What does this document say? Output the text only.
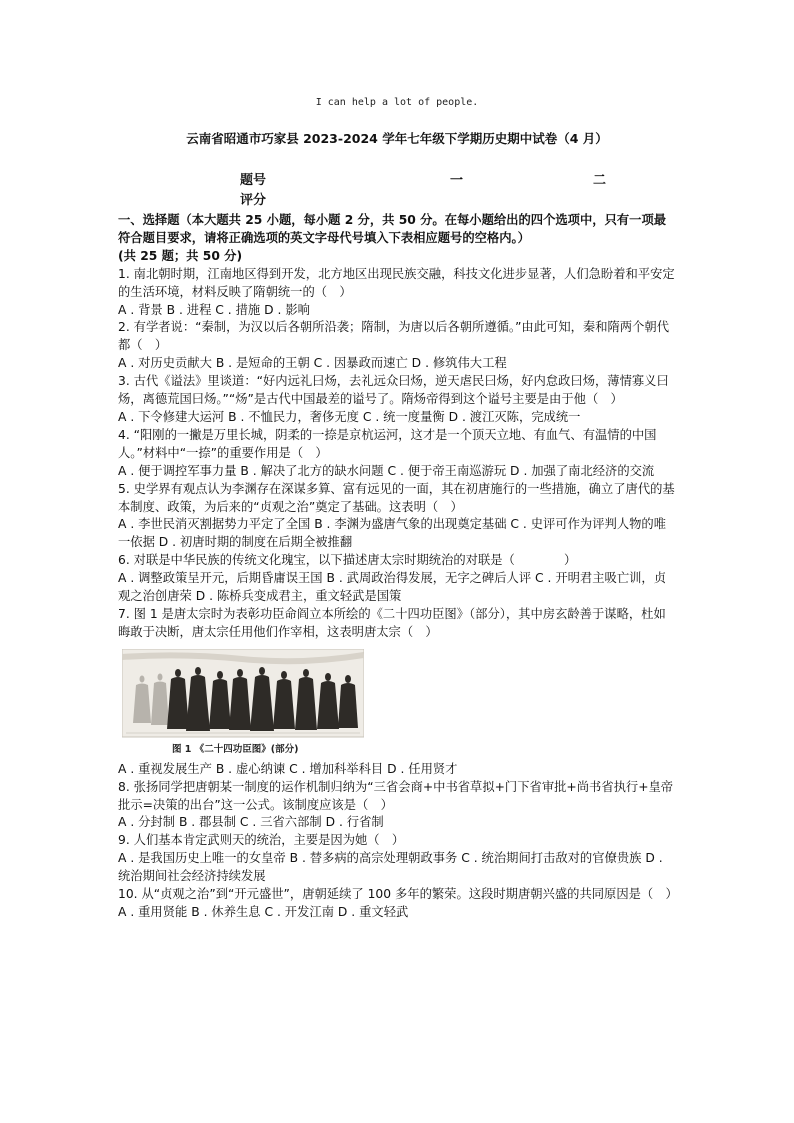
I can help a lot of people.
云南省昭通市巧家县 2023-2024 学年七年级下学期历史期中试卷（4 月）
题号	一	二
评分

一、选择题（本大题共 25 小题，每小题 2 分，共 50 分。在每小题给出的四个选项中，只有一项最符合题目要求，请将正确选项的英文字母代号填入下表相应题号的空格内。）

(共 25 题；共 50 分)

1. 南北朝时期，江南地区得到开发，北方地区出现民族交融，科技文化进步显著，人们急盼着和平安定的生活环境，材料反映了隋朝统一的（　）

A . 背景 B . 进程 C . 措施 D . 影响

2. 有学者说：“秦制，为汉以后各朝所沿袭；隋制，为唐以后各朝所遵循。”由此可知，秦和隋两个朝代都（　）

A . 对历史贡献大 B . 是短命的王朝 C . 因暴政而速亡 D . 修筑伟大工程

3. 古代《谥法》里谈道：“好内远礼曰炀，去礼远众曰炀，逆天虐民曰炀，好内怠政曰炀，薄情寡义曰炀，离德荒国曰炀。”“炀”是古代中国最差的谥号了。隋炀帝得到这个谥号主要是由于他（　）

A . 下令修建大运河 B . 不恤民力，奢侈无度 C . 统一度量衡 D . 渡江灭陈，完成统一

4. “阳刚的一撇是万里长城，阴柔的一捺是京杭运河，这才是一个顶天立地、有血气、有温情的中国人。”材料中“一捺”的重要作用是（　）

A . 便于调控军事力量 B . 解决了北方的缺水问题 C . 便于帝王南巡游玩 D . 加强了南北经济的交流

5. 史学界有观点认为李渊存在深谋多算、富有远见的一面，其在初唐施行的一些措施，确立了唐代的基本制度、政策，为后来的“贞观之治”奠定了基础。这表明（　）

A . 李世民消灭割据势力平定了全国 B . 李渊为盛唐气象的出现奠定基础 C . 史评可作为评判人物的唯一依据 D . 初唐时期的制度在后期全被推翻

6. 对联是中华民族的传统文化瑰宝，以下描述唐太宗时期统治的对联是（　　　　）

A . 调整政策呈开元，后期昏庸误王国 B . 武周政治得发展，无字之碑后人评 C . 开明君主吸亡训，贞观之治创唐荣 D . 陈桥兵变成君主，重文轻武是国策

7. 图 1 是唐太宗时为表彰功臣命阎立本所绘的《二十四功臣图》（部分），其中房玄龄善于谋略，杜如晦敢于决断，唐太宗任用他们作宰相，这表明唐太宗（　）

图 1 《二十四功臣图》(部分)

A . 重视发展生产 B . 虚心纳谏 C . 增加科举科目 D . 任用贤才

8. 张扬同学把唐朝某一制度的运作机制归纳为“三省会商+中书省草拟+门下省审批+尚书省执行+皇帝批示=决策的出台”这一公式。该制度应该是（　）

A . 分封制 B . 郡县制 C . 三省六部制 D . 行省制

9. 人们基本肯定武则天的统治，主要是因为她（　）

A . 是我国历史上唯一的女皇帝 B . 替多病的高宗处理朝政事务 C . 统治期间打击敌对的官僚贵族 D . 统治期间社会经济持续发展

10. 从“贞观之治”到“开元盛世”，唐朝延续了 100 多年的繁荣。这段时期唐朝兴盛的共同原因是（　）

A . 重用贤能 B . 休养生息 C . 开发江南 D . 重文轻武
